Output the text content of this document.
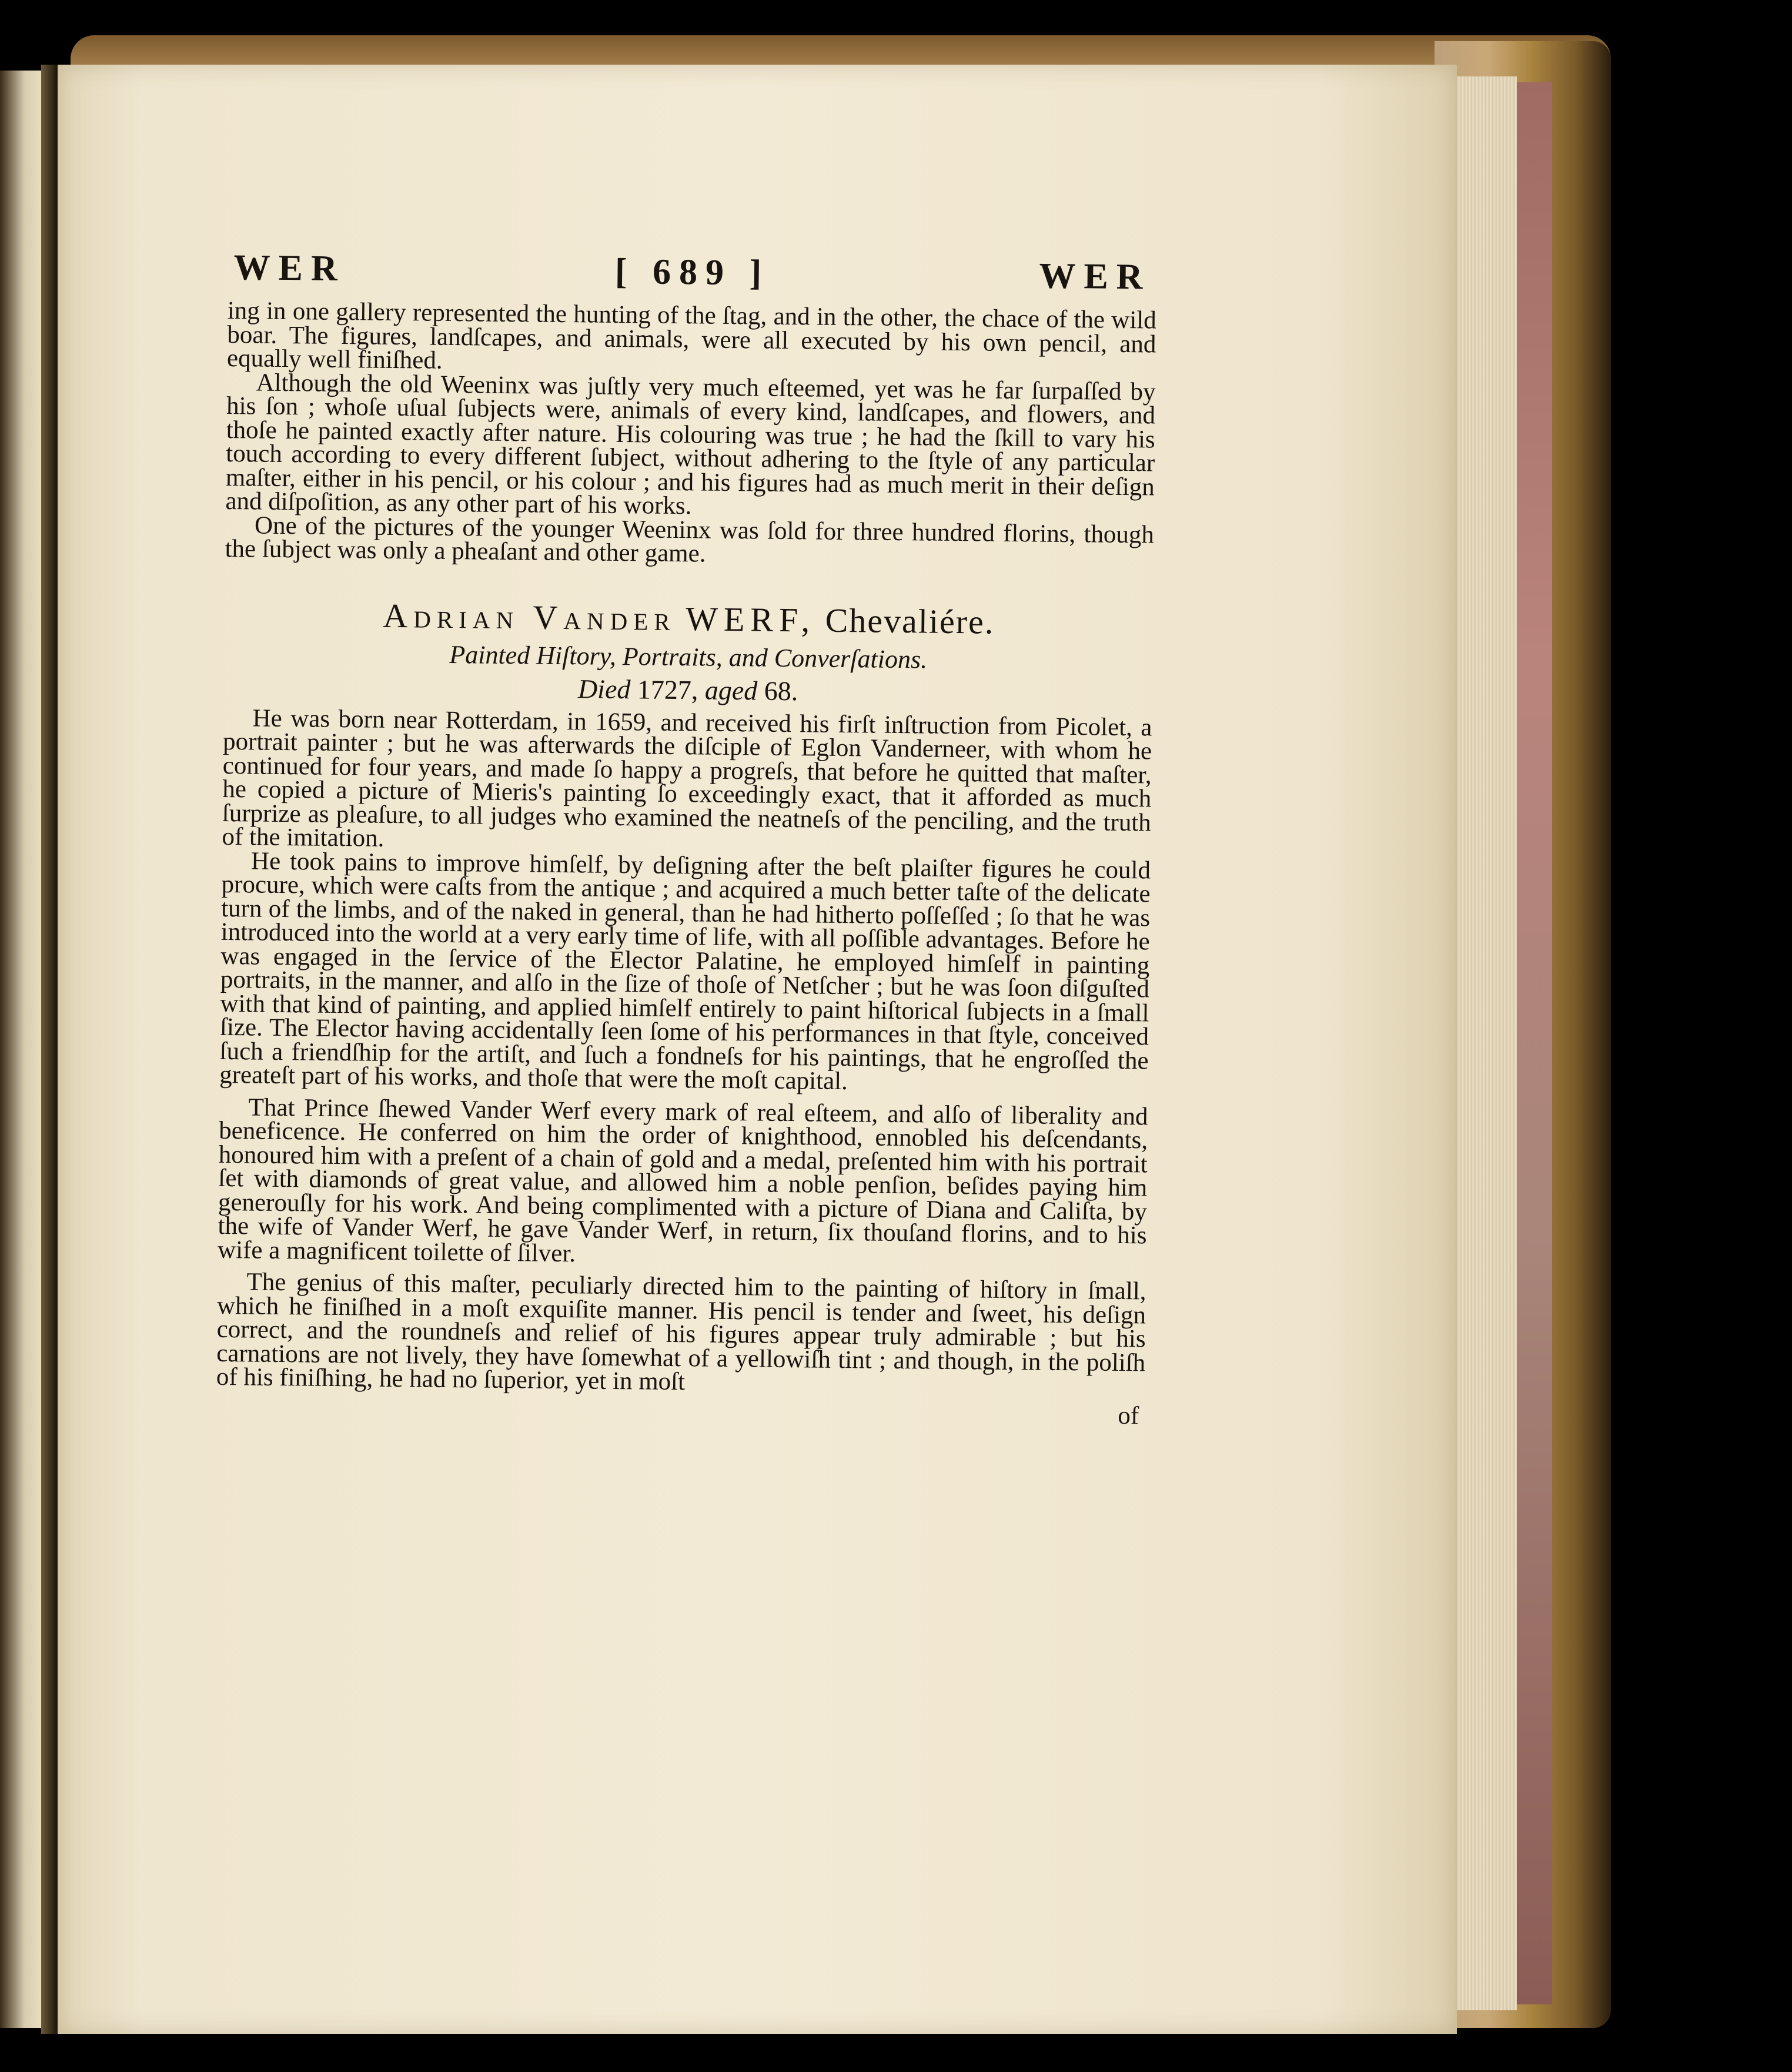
WER	[ 689 ]	WER

ing in one gallery represented the hunting of the ſtag, and in the other, the chace of the wild boar. The figures, landſcapes, and animals, were all executed by his own pencil, and equally well finiſhed.

Although the old Weeninx was juſtly very much eſteemed, yet was he far ſurpaſſed by his ſon ; whoſe uſual ſubjects were, animals of every kind, landſcapes, and flowers, and thoſe he painted exactly after nature. His colouring was true ; he had the ſkill to vary his touch according to every different ſubject, without adhering to the ſtyle of any particular maſter, either in his pencil, or his colour ; and his figures had as much merit in their deſign and diſpoſition, as any other part of his works.

One of the pictures of the younger Weeninx was ſold for three hundred florins, though the ſubject was only a pheaſant and other game.

Adrian Vander WERF, Chevaliére.
Painted Hiſtory, Portraits, and Converſations.
Died 1727, aged 68.

He was born near Rotterdam, in 1659, and received his firſt inſtruction from Picolet, a portrait painter ; but he was afterwards the diſciple of Eglon Vanderneer, with whom he continued for four years, and made ſo happy a progreſs, that before he quitted that maſter, he copied a picture of Mieris's painting ſo exceedingly exact, that it afforded as much ſurprize as pleaſure, to all judges who examined the neatneſs of the penciling, and the truth of the imitation.

He took pains to improve himſelf, by deſigning after the beſt plaiſter figures he could procure, which were caſts from the antique ; and acquired a much better taſte of the delicate turn of the limbs, and of the naked in general, than he had hitherto poſſeſſed ; ſo that he was introduced into the world at a very early time of life, with all poſſible advantages. Before he was engaged in the ſervice of the Elector Palatine, he employed himſelf in painting portraits, in the manner, and alſo in the ſize of thoſe of Netſcher ; but he was ſoon diſguſted with that kind of painting, and applied himſelf entirely to paint hiſtorical ſubjects in a ſmall ſize. The Elector having accidentally ſeen ſome of his performances in that ſtyle, conceived ſuch a friendſhip for the artiſt, and ſuch a fondneſs for his paintings, that he engroſſed the greateſt part of his works, and thoſe that were the moſt capital.

That Prince ſhewed Vander Werf every mark of real eſteem, and alſo of liberality and beneficence. He conferred on him the order of knighthood, ennobled his deſcendants, honoured him with a preſent of a chain of gold and a medal, preſented him with his portrait ſet with diamonds of great value, and allowed him a noble penſion, beſides paying him generouſly for his work. And being complimented with a picture of Diana and Caliſta, by the wife of Vander Werf, he gave Vander Werf, in return, ſix thouſand florins, and to his wife a magnificent toilette of ſilver.

The genius of this maſter, peculiarly directed him to the painting of hiſtory in ſmall, which he finiſhed in a moſt exquiſite manner. His pencil is tender and ſweet, his deſign correct, and the roundneſs and relief of his figures appear truly admirable ; but his carnations are not lively, they have ſomewhat of a yellowiſh tint ; and though, in the poliſh of his finiſhing, he had no ſuperior, yet in moſt

of
